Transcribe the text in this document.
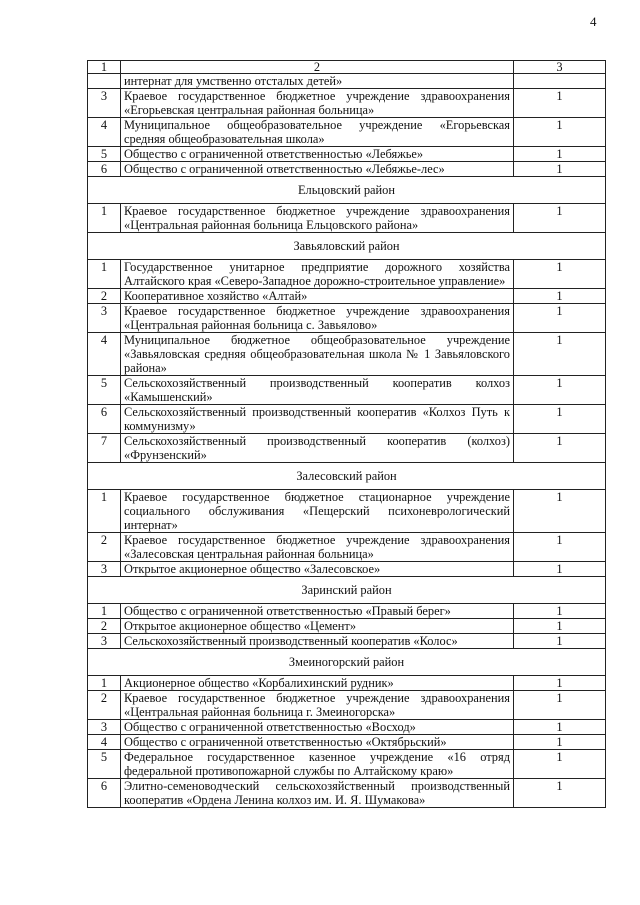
4
1	2	3
	интернат для умственно отсталых детей»	
3	Краевое государственное бюджетное учреждение здравоохранения «Егорьевская центральная районная больница»	1
4	Муниципальное общеобразовательное учреждение «Егорьевская средняя общеобразовательная школа»	1
5	Общество с ограниченной ответственностью «Лебяжье»	1
6	Общество с ограниченной ответственностью «Лебяжье-лес»	1
Ельцовский район		
1	Краевое государственное бюджетное учреждение здравоохранения «Центральная районная больница Ельцовского района»	1
Завьяловский район		
1	Государственное унитарное предприятие дорожного хозяйства Алтайского края «Северо-Западное дорожно-строительное управление»	1
2	Кооперативное хозяйство «Алтай»	1
3	Краевое государственное бюджетное учреждение здравоохранения «Центральная районная больница с. Завьялово»	1
4	Муниципальное бюджетное общеобразовательное учреждение «Завьяловская средняя общеобразовательная школа № 1 Завьяловского района»	1
5	Сельскохозяйственный производственный кооператив колхоз «Камышенский»	1
6	Сельскохозяйственный производственный кооператив «Колхоз Путь к коммунизму»	1
7	Сельскохозяйственный производственный кооператив (колхоз) «Фрунзенский»	1
Залесовский район		
1	Краевое государственное бюджетное стационарное учреждение социального обслуживания «Пещерский психоневрологический интернат»	1
2	Краевое государственное бюджетное учреждение здравоохранения «Залесовская центральная районная больница»	1
3	Открытое акционерное общество «Залесовское»	1
Заринский район		
1	Общество с ограниченной ответственностью «Правый берег»	1
2	Открытое акционерное общество «Цемент»	1
3	Сельскохозяйственный производственный кооператив «Колос»	1
Змеиногорский район		
1	Акционерное общество «Корбалихинский рудник»	1
2	Краевое государственное бюджетное учреждение здравоохранения «Центральная районная больница г. Змеиногорска»	1
3	Общество с ограниченной ответственностью «Восход»	1
4	Общество с ограниченной ответственностью «Октябрьский»	1
5	Федеральное государственное казенное учреждение «16 отряд федеральной противопожарной службы по Алтайскому краю»	1
6	Элитно-семеноводческий сельскохозяйственный производственный кооператив «Ордена Ленина колхоз им. И. Я. Шумакова»	1
